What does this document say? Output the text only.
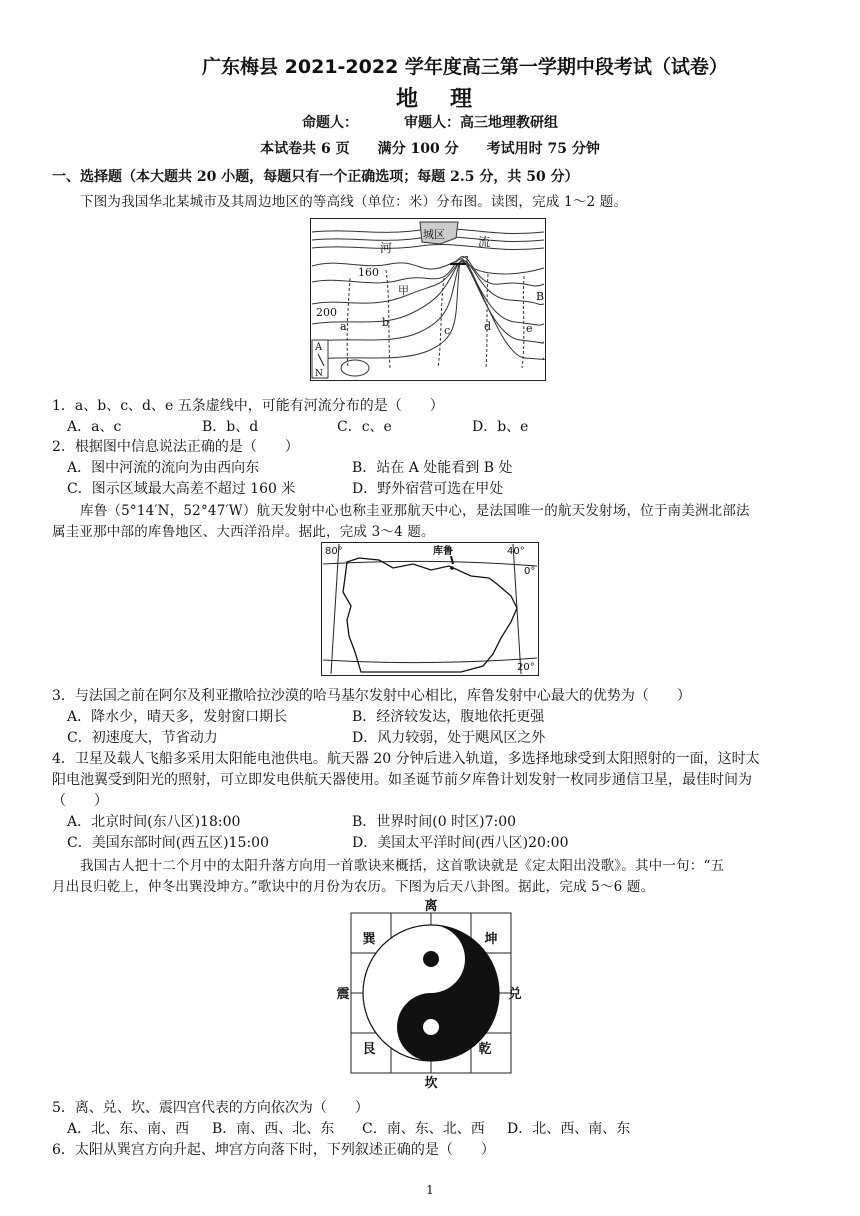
广东梅县 2021-2022 学年度高三第一学期中段考试（试卷）
地理
命题人：	审题人：高三地理教研组
本试卷共 6 页　　满分 100 分　　考试用时 75 分钟
一、选择题（本大题共 20 小题，每题只有一个正确选项；每题 2.5 分，共 50 分）
下图为我国华北某城市及其周边地区的等高线（单位：米）分布图。读图，完成 1～2 题。
河
城区
流
160
甲	B
200
a	b
c	d	e
A
N
1．a、b、c、d、e 五条虚线中，可能有河流分布的是（　　）
A．a、c	B．b、d	C．c、e	D．b、e
2．根据图中信息说法正确的是（　　）
A．图中河流的流向为由西向东	B．站在 A 处能看到 B 处
C．图示区域最大高差不超过 160 米	D．野外宿营可选在甲处
库鲁（5°14′N，52°47′W）航天发射中心也称圭亚那航天中心，是法国唯一的航天发射场，位于南美洲北部法
属圭亚那中部的库鲁地区、大西洋沿岸。据此，完成 3～4 题。
80°	库鲁	40°
0°
20°
3．与法国之前在阿尔及利亚撒哈拉沙漠的哈马基尔发射中心相比，库鲁发射中心最大的优势为（　　）
A．降水少，晴天多，发射窗口期长	B．经济较发达，腹地依托更强
C．初速度大，节省动力	D．风力较弱，处于飓风区之外
4．卫星及载人飞船多采用太阳能电池供电。航天器 20 分钟后进入轨道，多选择地球受到太阳照射的一面，这时太
阳电池翼受到阳光的照射，可立即发电供航天器使用。如圣诞节前夕库鲁计划发射一枚同步通信卫星，最佳时间为
（　　）
A．北京时间(东八区)18:00	B．世界时间(0 时区)7:00
C．美国东部时间(西五区)15:00	D．美国太平洋时间(西八区)20:00
我国古人把十二个月中的太阳升落方向用一首歌诀来概括，这首歌诀就是《定太阳出没歌》。其中一句：“五
月出艮归乾上，仲冬出巽没坤方。”歌诀中的月份为农历。下图为后天八卦图。据此，完成 5～6 题。
离
巽	坤
震	兑
艮	乾
坎
5．离、兑、坎、震四宫代表的方向依次为（　　）
A．北、东、南、西 B．南、西、北、东 C．南、东、北、西 D．北、西、南、东
6．太阳从巽宫方向升起、坤宫方向落下时，下列叙述正确的是（　　）
1
